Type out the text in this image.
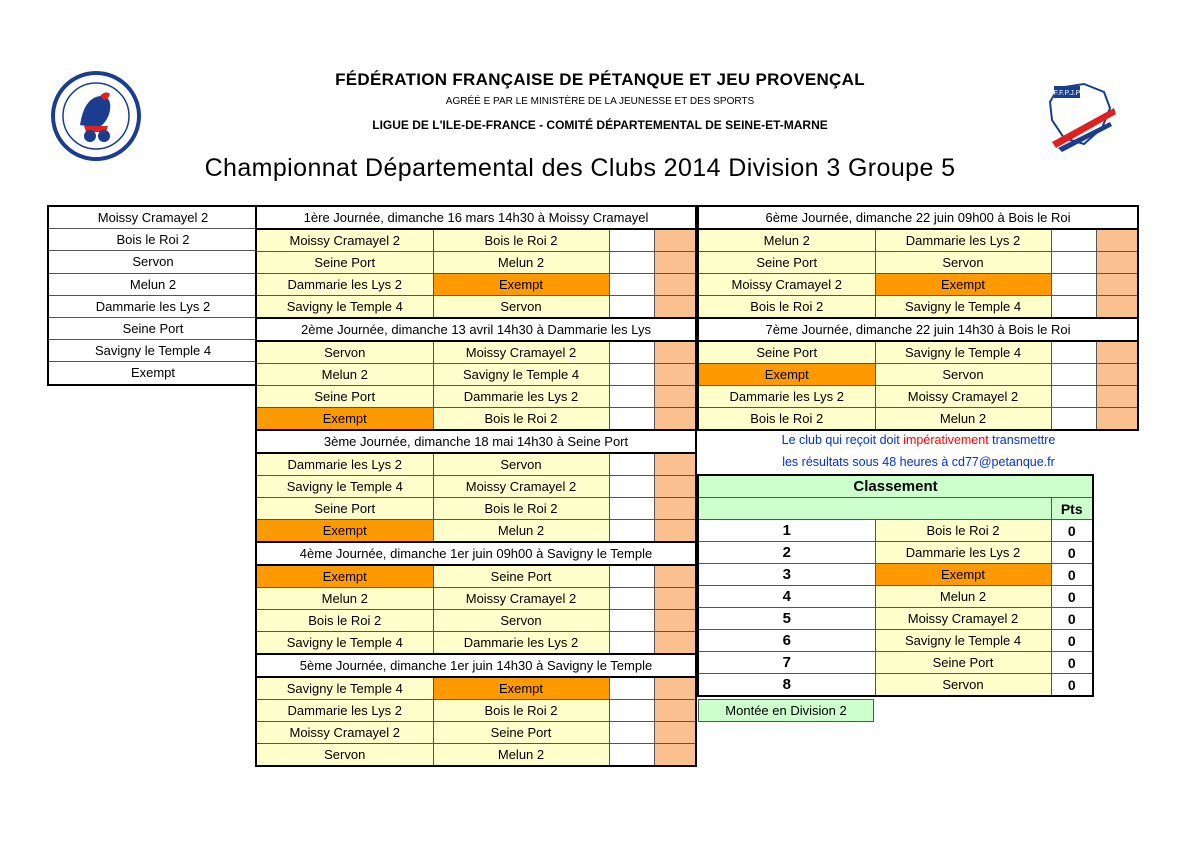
F.F.P.J.P
FÉDÉRATION FRANÇAISE DE PÉTANQUE ET JEU PROVENÇAL
AGRÉÉ E PAR LE MINISTÈRE DE LA JEUNESSE ET DES SPORTS
LIGUE DE L'ILE-DE-FRANCE - COMITÉ DÉPARTEMENTAL DE SEINE-ET-MARNE
Championnat Départemental des Clubs 2014 Division 3 Groupe 5
Moissy Cramayel 2
Bois le Roi 2
Servon
Melun 2
Dammarie les Lys 2
Seine Port
Savigny le Temple 4
Exempt
1ère Journée, dimanche 16 mars 14h30 à Moissy Cramayel			
Moissy Cramayel 2	Bois le Roi 2		
Seine Port	Melun 2		
Dammarie les Lys 2	Exempt		
Savigny le Temple 4	Servon		
2ème Journée, dimanche 13 avril 14h30 à Dammarie les Lys			
Servon	Moissy Cramayel 2		
Melun 2	Savigny le Temple 4		
Seine Port	Dammarie les Lys 2		
Exempt	Bois le Roi 2		
3ème Journée, dimanche 18 mai 14h30 à Seine Port			
Dammarie les Lys 2	Servon		
Savigny le Temple 4	Moissy Cramayel 2		
Seine Port	Bois le Roi 2		
Exempt	Melun 2		
4ème Journée, dimanche 1er juin 09h00 à Savigny le Temple			
Exempt	Seine Port		
Melun 2	Moissy Cramayel 2		
Bois le Roi 2	Servon		
Savigny le Temple 4	Dammarie les Lys 2		
5ème Journée, dimanche 1er juin 14h30 à Savigny le Temple			
Savigny le Temple 4	Exempt		
Dammarie les Lys 2	Bois le Roi 2		
Moissy Cramayel 2	Seine Port		
Servon	Melun 2		
6ème Journée, dimanche 22 juin 09h00 à Bois le Roi			
Melun 2	Dammarie les Lys 2		
Seine Port	Servon		
Moissy Cramayel 2	Exempt		
Bois le Roi 2	Savigny le Temple 4		
7ème Journée, dimanche 22 juin 14h30 à Bois le Roi			
Seine Port	Savigny le Temple 4		
Exempt	Servon		
Dammarie les Lys 2	Moissy Cramayel 2		
Bois le Roi 2	Melun 2		
Le club qui reçoit doit impérativement transmettre
les résultats sous 48 heures à cd77@petanque.fr
Classement		
		Pts
1	Bois le Roi 2	0
2	Dammarie les Lys 2	0
3	Exempt	0
4	Melun 2	0
5	Moissy Cramayel 2	0
6	Savigny le Temple 4	0
7	Seine Port	0
8	Servon	0
Montée en Division 2
